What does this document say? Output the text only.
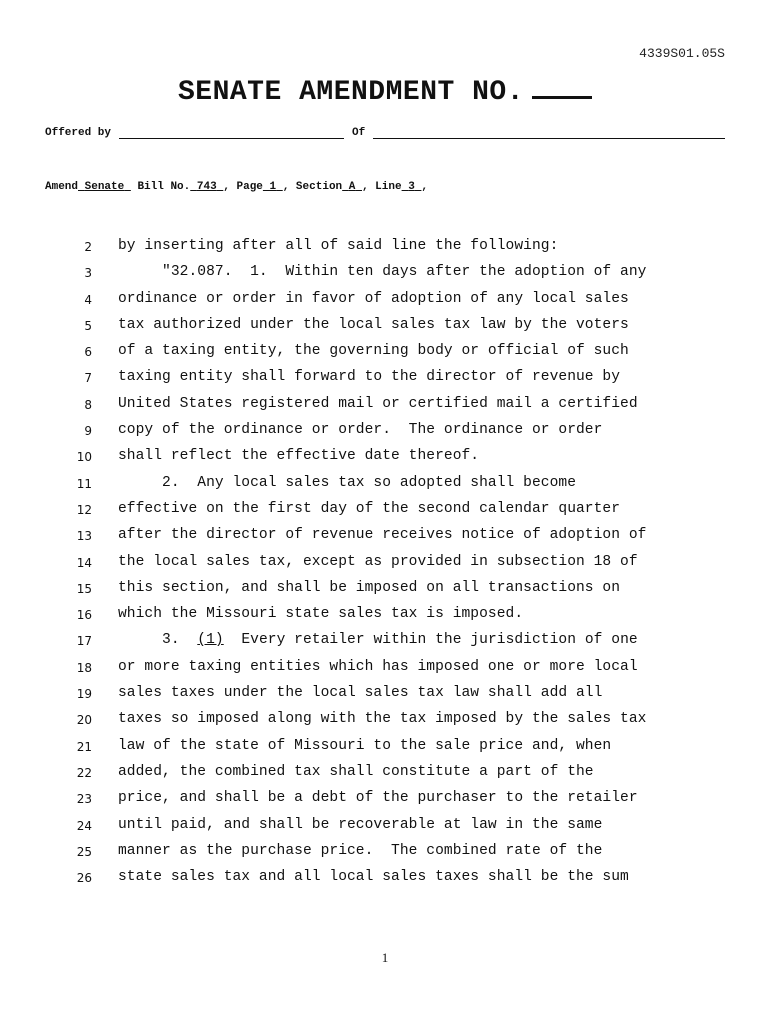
4339S01.05S
SENATE AMENDMENT NO.
Offered by	Of
Amend Senate Bill No. 743 , Page 1 , Section A , Line 3 ,
2 by inserting after all of said line the following:
3 "32.087.  1.  Within ten days after the adoption of any
4 ordinance or order in favor of adoption of any local sales
5 tax authorized under the local sales tax law by the voters
6 of a taxing entity, the governing body or official of such
7 taxing entity shall forward to the director of revenue by
8 United States registered mail or certified mail a certified
9 copy of the ordinance or order.  The ordinance or order
10 shall reflect the effective date thereof.
11 2.  Any local sales tax so adopted shall become
12 effective on the first day of the second calendar quarter
13 after the director of revenue receives notice of adoption of
14 the local sales tax, except as provided in subsection 18 of
15 this section, and shall be imposed on all transactions on
16 which the Missouri state sales tax is imposed.
17 3.  (1)  Every retailer within the jurisdiction of one
18 or more taxing entities which has imposed one or more local
19 sales taxes under the local sales tax law shall add all
20 taxes so imposed along with the tax imposed by the sales tax
21 law of the state of Missouri to the sale price and, when
22 added, the combined tax shall constitute a part of the
23 price, and shall be a debt of the purchaser to the retailer
24 until paid, and shall be recoverable at law in the same
25 manner as the purchase price.  The combined rate of the
26 state sales tax and all local sales taxes shall be the sum
1
